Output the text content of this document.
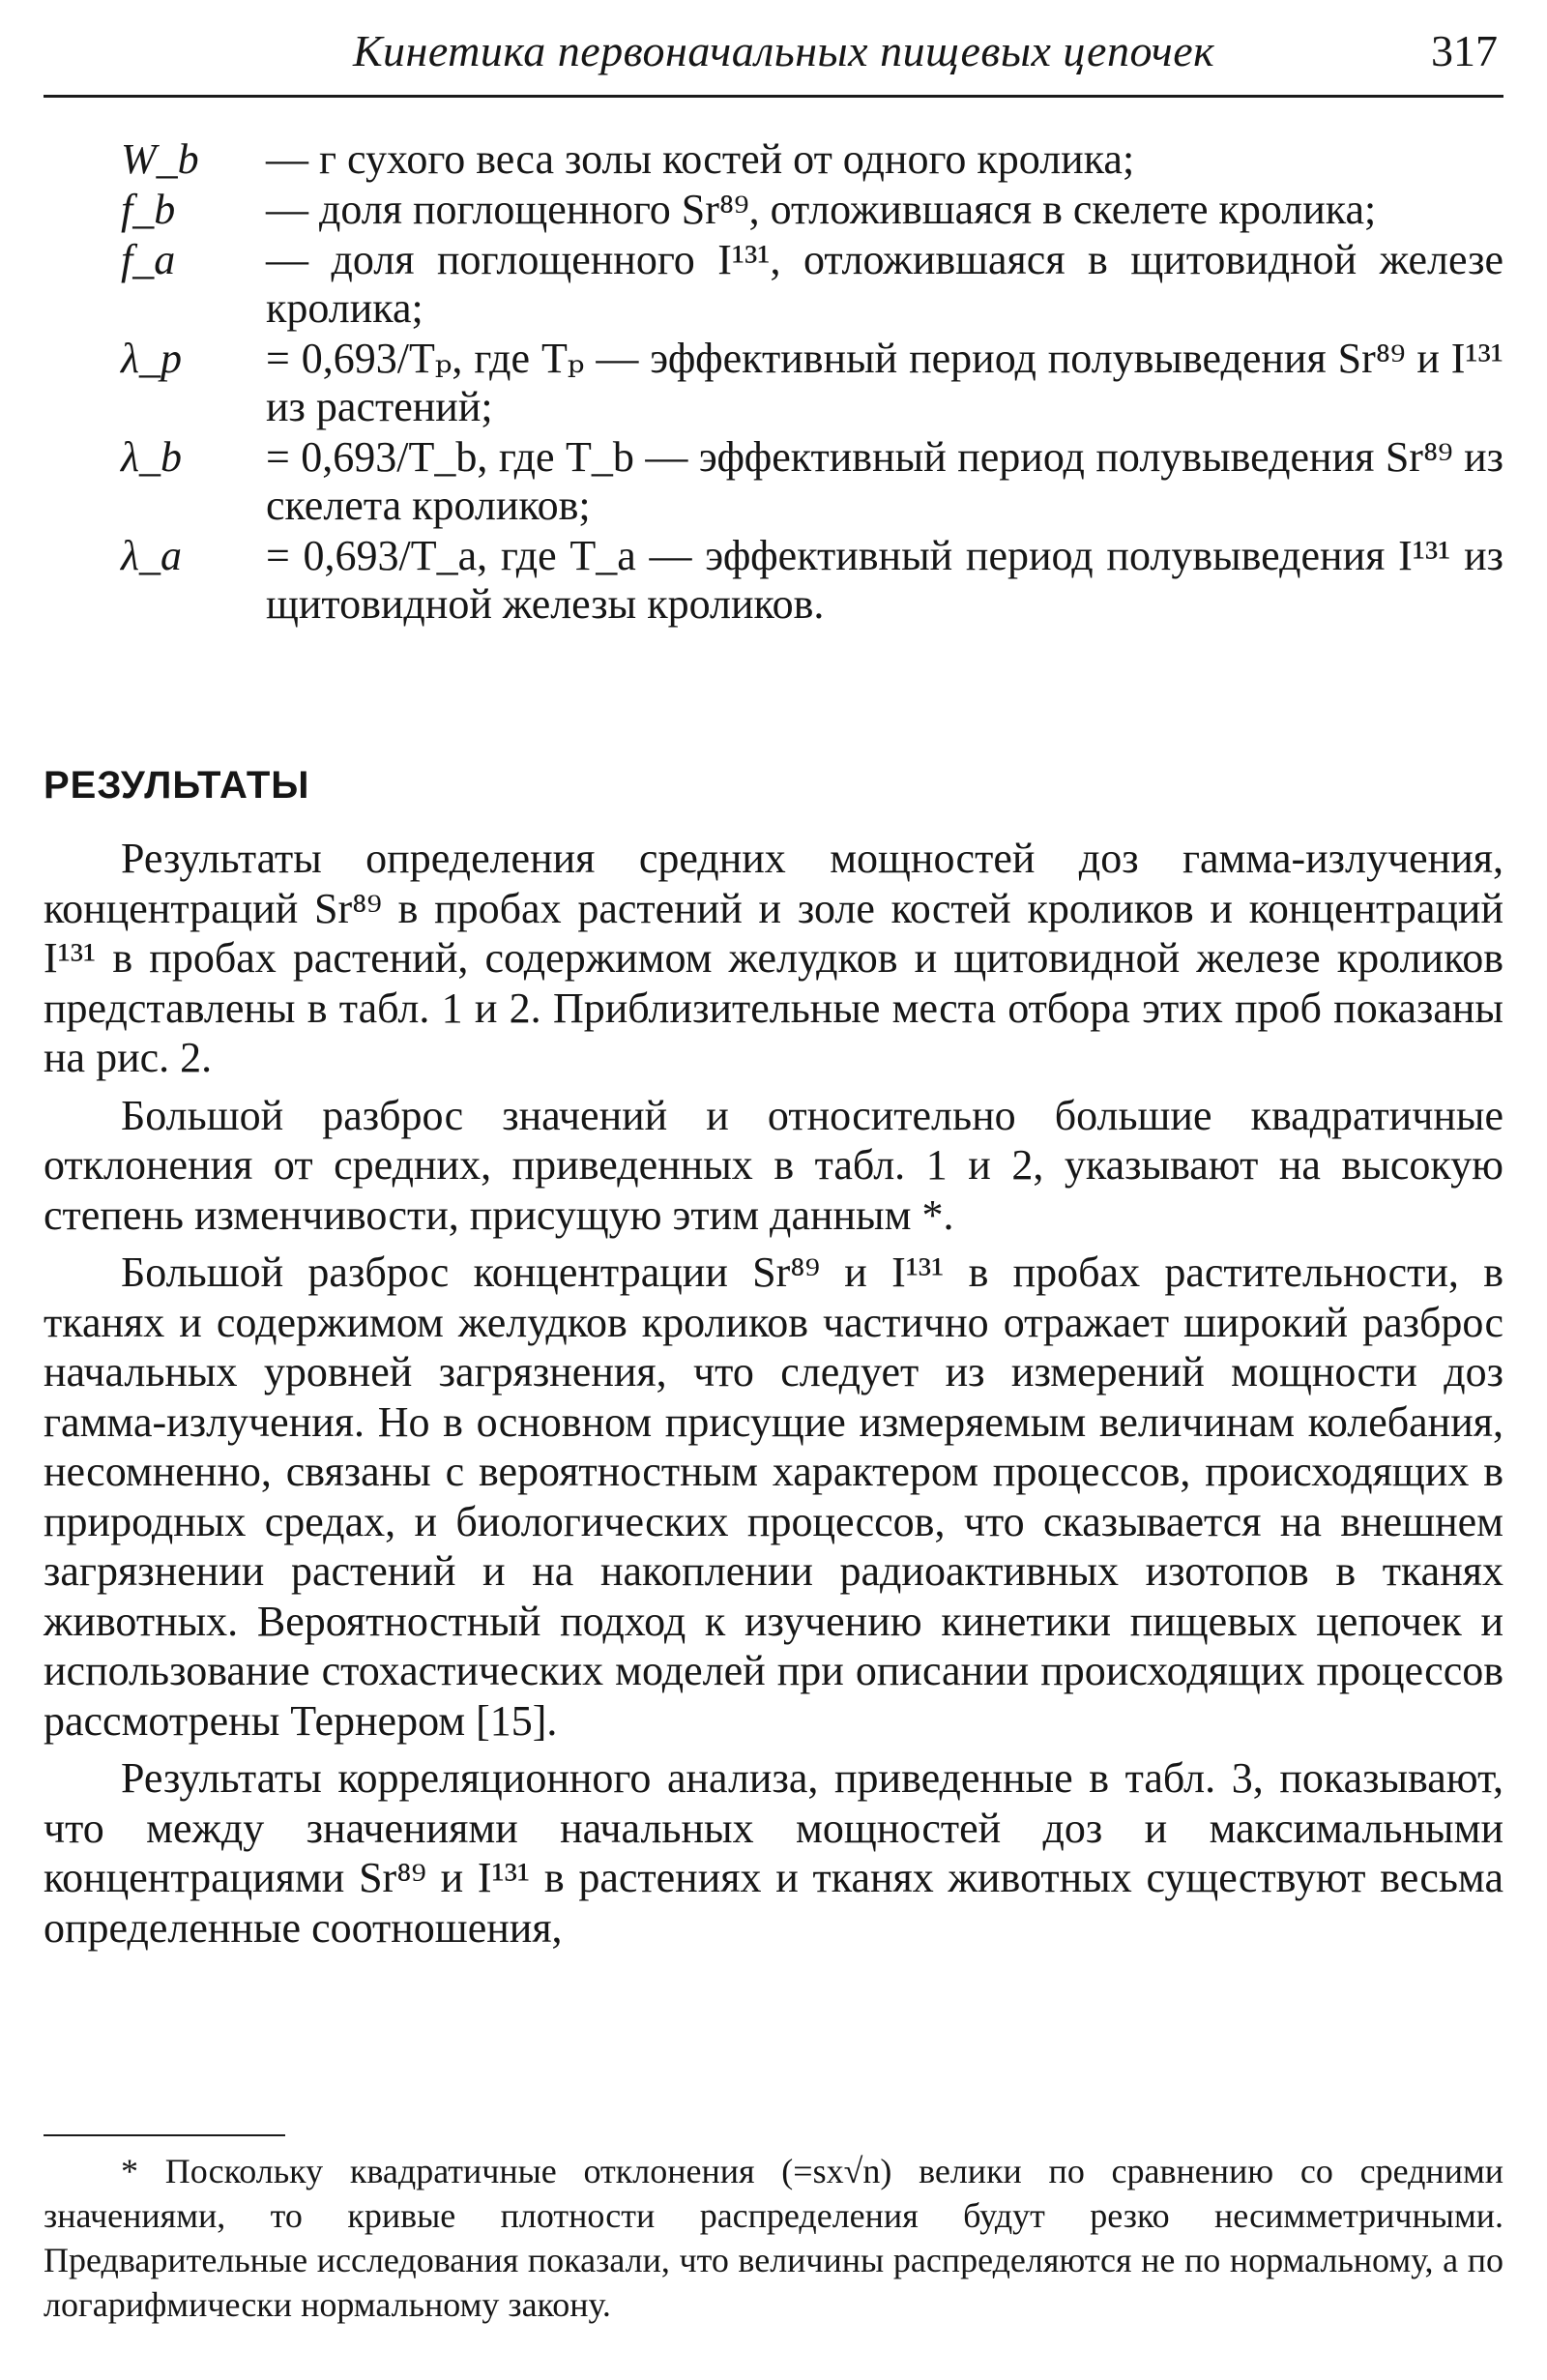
Кинетика первоначальных пищевых цепочек	317
W_b	— г сухого веса золы костей от одного кролика;
f_b	— доля поглощенного Sr⁸⁹, отложившаяся в скелете кролика;
f_a	— доля поглощенного I¹³¹, отложившаяся в щитовидной железе кролика;
λ_p	= 0,693/Tₚ, где Tₚ — эффективный период полувыведения Sr⁸⁹ и I¹³¹ из растений;
λ_b	= 0,693/T_b, где T_b — эффективный период полувыведения Sr⁸⁹ из скелета кроликов;
λ_a	= 0,693/T_a, где T_a — эффективный период полувыведения I¹³¹ из щитовидной железы кроликов.
РЕЗУЛЬТАТЫ

Результаты определения средних мощностей доз гамма-излучения, концентраций Sr⁸⁹ в пробах растений и золе костей кроликов и концентраций I¹³¹ в пробах растений, содержимом желудков и щитовидной железе кроликов представлены в табл. 1 и 2. Приблизительные места отбора этих проб показаны на рис. 2.

Большой разброс значений и относительно большие квадратичные отклонения от средних, приведенных в табл. 1 и 2, указывают на высокую степень изменчивости, присущую этим данным *.

Большой разброс концентрации Sr⁸⁹ и I¹³¹ в пробах растительности, в тканях и содержимом желудков кроликов частично отражает широкий разброс начальных уровней загрязнения, что следует из измерений мощности доз гамма-излучения. Но в основном присущие измеряемым величинам колебания, несомненно, связаны с вероятностным характером процессов, происходящих в природных средах, и биологических процессов, что сказывается на внешнем загрязнении растений и на накоплении радиоактивных изотопов в тканях животных. Вероятностный подход к изучению кинетики пищевых цепочек и использование стохастических моделей при описании происходящих процессов рассмотрены Тернером [15].

Результаты корреляционного анализа, приведенные в табл. 3, показывают, что между значениями начальных мощностей доз и максимальными концентрациями Sr⁸⁹ и I¹³¹ в растениях и тканях животных существуют весьма определенные соотношения,

* Поскольку квадратичные отклонения (=sx√n) велики по сравнению со средними значениями, то кривые плотности распределения будут резко несимметричными. Предварительные исследования показали, что величины распределяются не по нормальному, а по логарифмически нормальному закону.
